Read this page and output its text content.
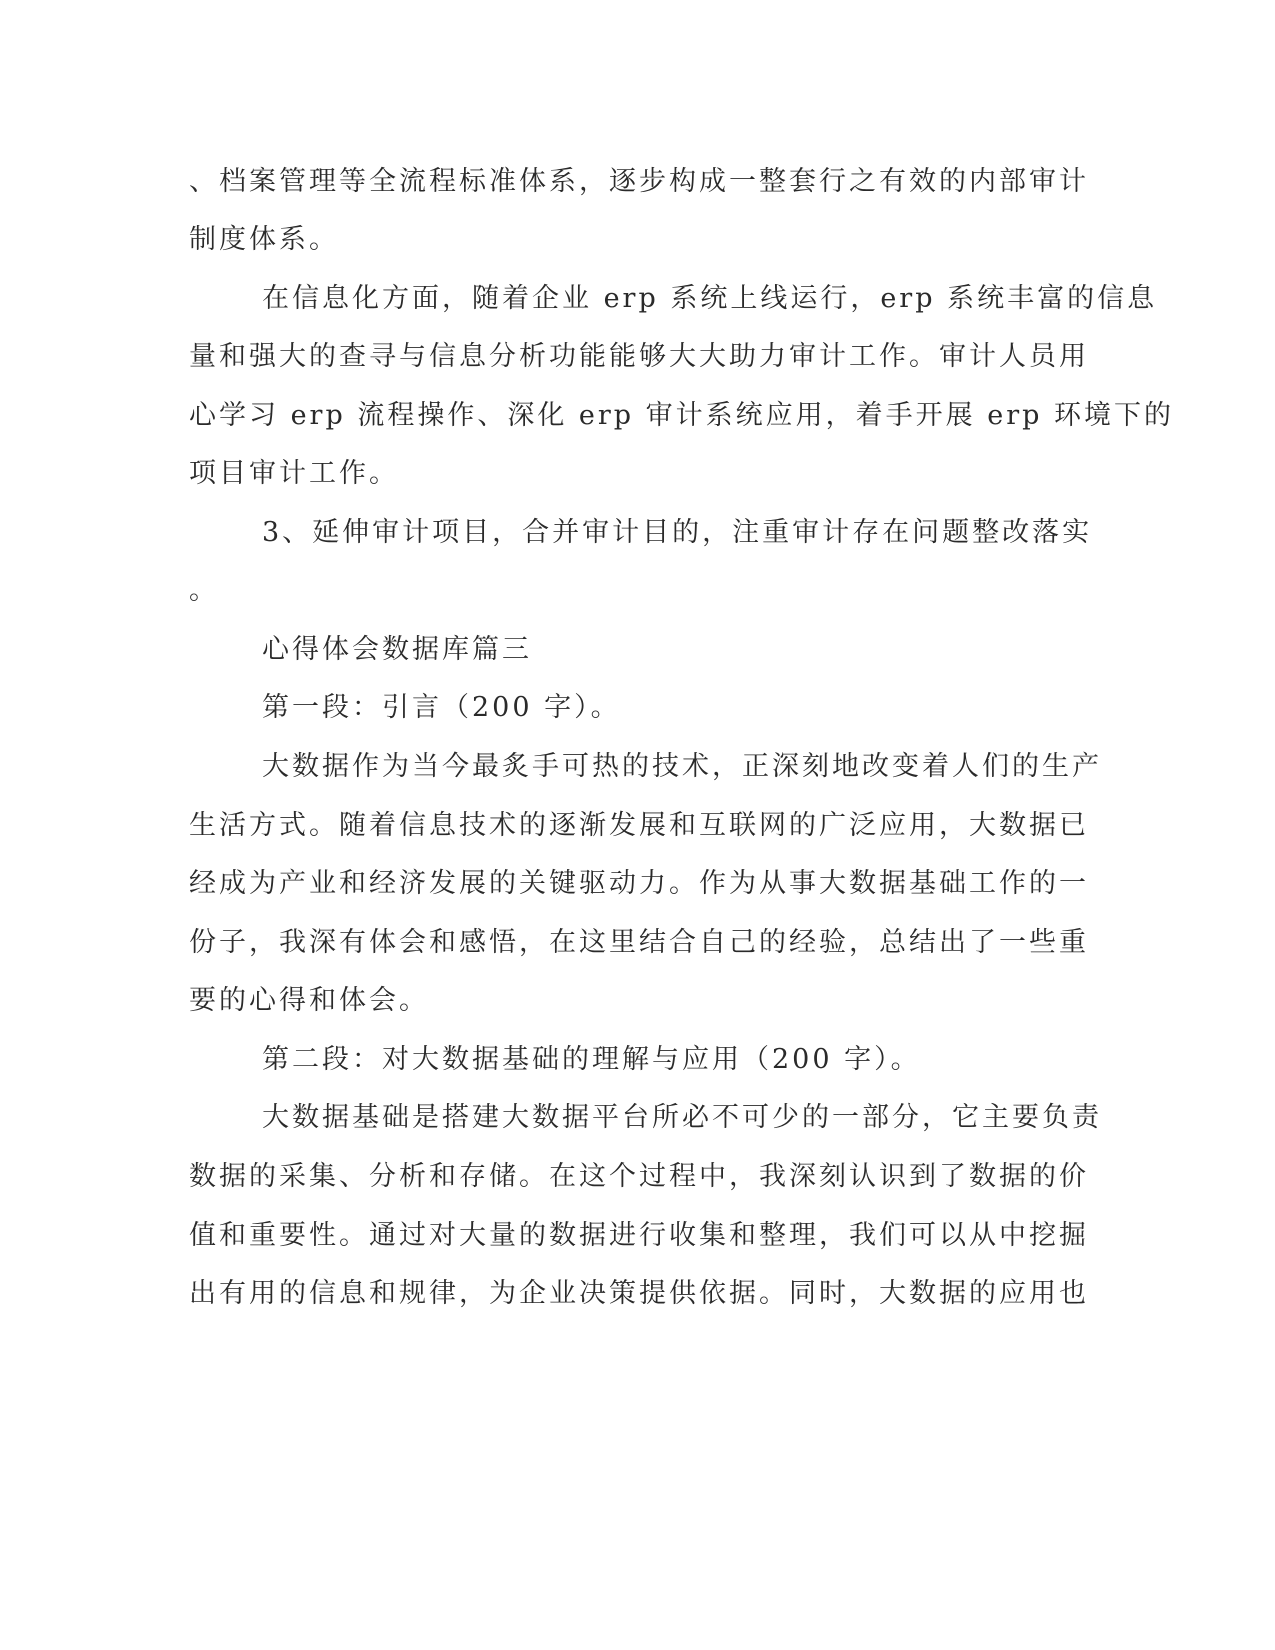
、档案管理等全流程标准体系，逐步构成一整套行之有效的内部审计
制度体系。
在信息化方面，随着企业 erp 系统上线运行，erp 系统丰富的信息
量和强大的查寻与信息分析功能能够大大助力审计工作。审计人员用
心学习 erp 流程操作、深化 erp 审计系统应用，着手开展 erp 环境下的
项目审计工作。
3、延伸审计项目，合并审计目的，注重审计存在问题整改落实
。
心得体会数据库篇三
第一段：引言（200 字）。
大数据作为当今最炙手可热的技术，正深刻地改变着人们的生产
生活方式。随着信息技术的逐渐发展和互联网的广泛应用，大数据已
经成为产业和经济发展的关键驱动力。作为从事大数据基础工作的一
份子，我深有体会和感悟，在这里结合自己的经验，总结出了一些重
要的心得和体会。
第二段：对大数据基础的理解与应用（200 字）。
大数据基础是搭建大数据平台所必不可少的一部分，它主要负责
数据的采集、分析和存储。在这个过程中，我深刻认识到了数据的价
值和重要性。通过对大量的数据进行收集和整理，我们可以从中挖掘
出有用的信息和规律，为企业决策提供依据。同时，大数据的应用也
